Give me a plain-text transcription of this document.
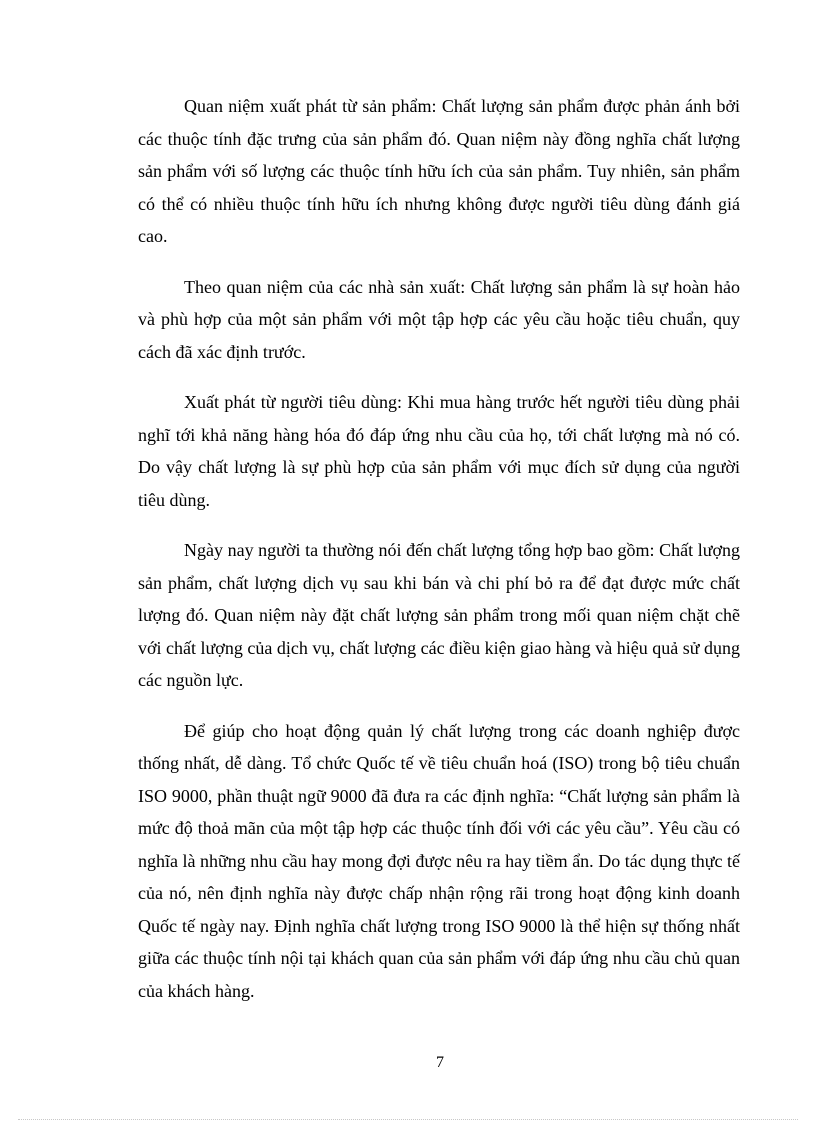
Quan niệm xuất phát từ sản phẩm: Chất lượng sản phẩm được phản ánh bởi các thuộc tính đặc trưng của sản phẩm đó. Quan niệm này đồng nghĩa chất lượng sản phẩm với số lượng các thuộc tính hữu ích của sản phẩm. Tuy nhiên, sản phẩm có thể có nhiều thuộc tính hữu ích nhưng không được người tiêu dùng đánh giá cao.

Theo quan niệm của các nhà sản xuất: Chất lượng sản phẩm là sự hoàn hảo và phù hợp của một sản phẩm với một tập hợp các yêu cầu hoặc tiêu chuẩn, quy cách đã xác định trước.

Xuất phát từ người tiêu dùng: Khi mua hàng trước hết người tiêu dùng phải nghĩ tới khả năng hàng hóa đó đáp ứng nhu cầu của họ, tới chất lượng mà nó có. Do vậy chất lượng là sự phù hợp của sản phẩm với mục đích sử dụng của người tiêu dùng.

Ngày nay người ta thường nói đến chất lượng tổng hợp bao gồm: Chất lượng sản phẩm, chất lượng dịch vụ sau khi bán và chi phí bỏ ra để đạt được mức chất lượng đó. Quan niệm này đặt chất lượng sản phẩm trong mối quan niệm chặt chẽ với chất lượng của dịch vụ, chất lượng các điều kiện giao hàng và hiệu quả sử dụng các nguồn lực.

Để giúp cho hoạt động quản lý chất lượng trong các doanh nghiệp được thống nhất, dễ dàng. Tổ chức Quốc tế về tiêu chuẩn hoá (ISO) trong bộ tiêu chuẩn ISO 9000, phần thuật ngữ 9000 đã đưa ra các định nghĩa: “Chất lượng sản phẩm là mức độ thoả mãn của một tập hợp các thuộc tính đối với các yêu cầu”. Yêu cầu có nghĩa là những nhu cầu hay mong đợi được nêu ra hay tiềm ẩn. Do tác dụng thực tế của nó, nên định nghĩa này được chấp nhận rộng rãi trong hoạt động kinh doanh Quốc tế ngày nay. Định nghĩa chất lượng trong ISO 9000 là thể hiện sự thống nhất giữa các thuộc tính nội tại khách quan của sản phẩm với đáp ứng nhu cầu chủ quan của khách hàng.

7
